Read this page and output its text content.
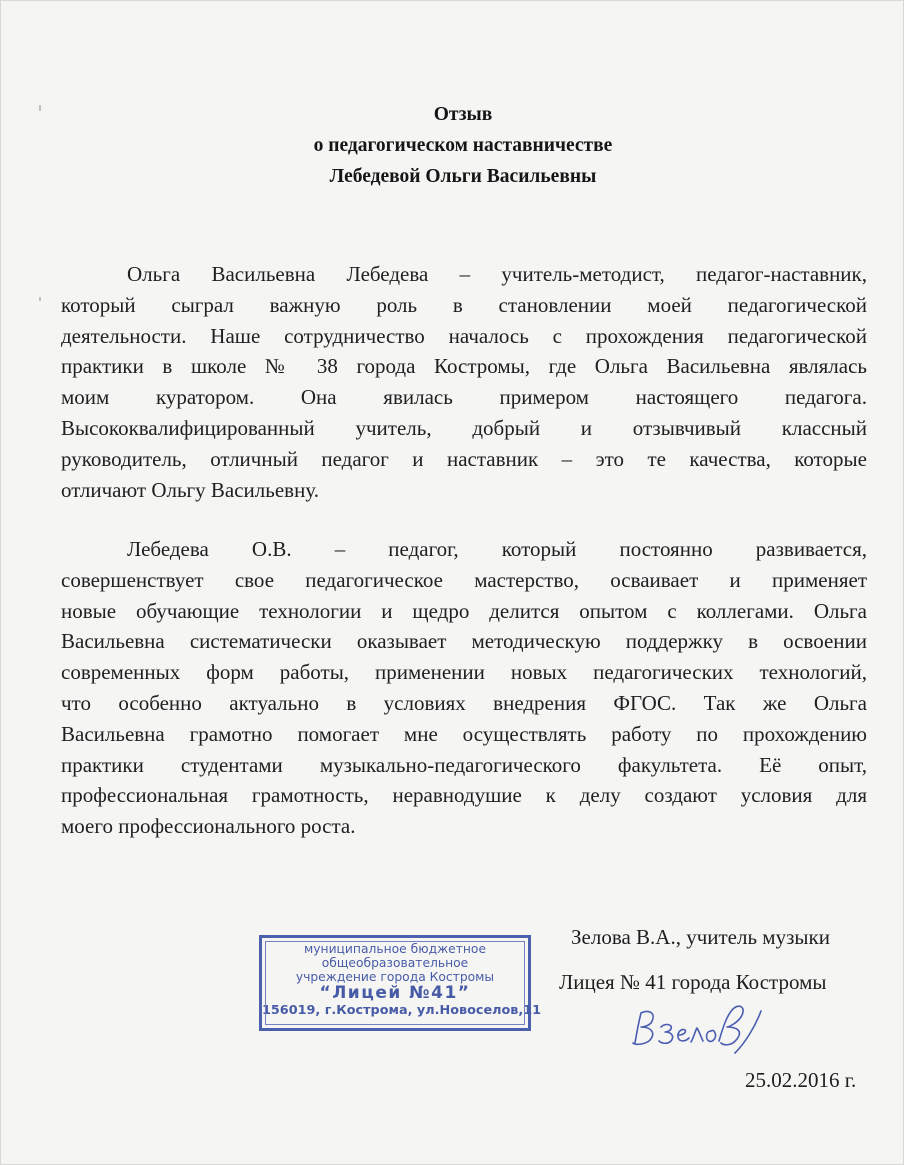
Отзыв
о педагогическом наставничестве
Лебедевой Ольги Васильевны
Ольга Васильевна Лебедева – учитель-методист, педагог-наставник,
который сыграл важную роль в становлении моей педагогической
деятельности. Наше сотрудничество началось с прохождения педагогической
практики в школе № 38 города Костромы, где Ольга Васильевна являлась
моим куратором. Она явилась примером настоящего педагога.
Высококвалифицированный учитель, добрый и отзывчивый классный
руководитель, отличный педагог и наставник – это те качества, которые
отличают Ольгу Васильевну.
Лебедева О.В. – педагог, который постоянно развивается,
совершенствует свое педагогическое мастерство, осваивает и применяет
новые обучающие технологии и щедро делится опытом с коллегами. Ольга
Васильевна систематически оказывает методическую поддержку в освоении
современных форм работы, применении новых педагогических технологий,
что особенно актуально в условиях внедрения ФГОС. Так же Ольга
Васильевна грамотно помогает мне осуществлять работу по прохождению
практики студентами музыкально-педагогического факультета. Её опыт,
профессиональная грамотность, неравнодушие к делу создают условия для
моего профессионального роста.
муниципальное бюджетное
общеобразовательное
учреждение города Костромы
“Лицей №41”
156019, г.Кострома, ул.Новоселов,11
Зелова В.А., учитель музыки
Лицея № 41 города Костромы
25.02.2016 г.
